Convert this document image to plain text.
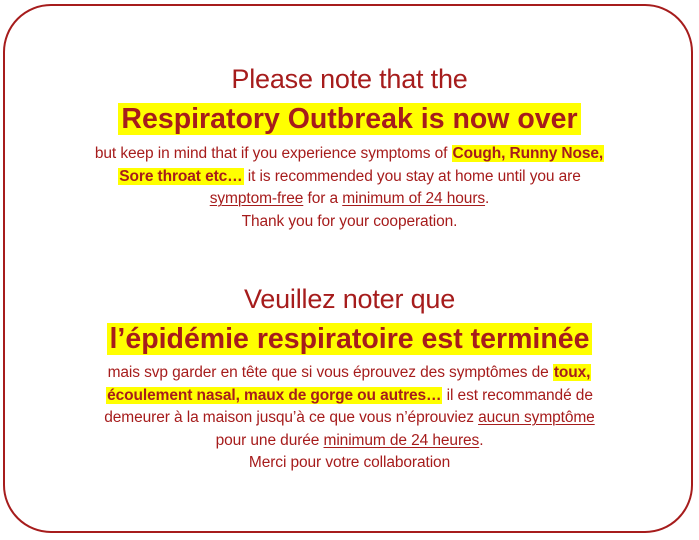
Please note that the
Respiratory Outbreak is now over
but keep in mind that if you experience symptoms of Cough, Runny Nose,
Sore throat etc… it is recommended you stay at home until you are
symptom-free for a minimum of 24 hours.
Thank you for your cooperation.
Veuillez noter que
l’épidémie respiratoire est terminée
mais svp garder en tête que si vous éprouvez des symptômes de toux,
écoulement nasal, maux de gorge ou autres… il est recommandé de
demeurer à la maison jusqu’à ce que vous n’éprouviez aucun symptôme
pour une durée minimum de 24 heures.
Merci pour votre collaboration
